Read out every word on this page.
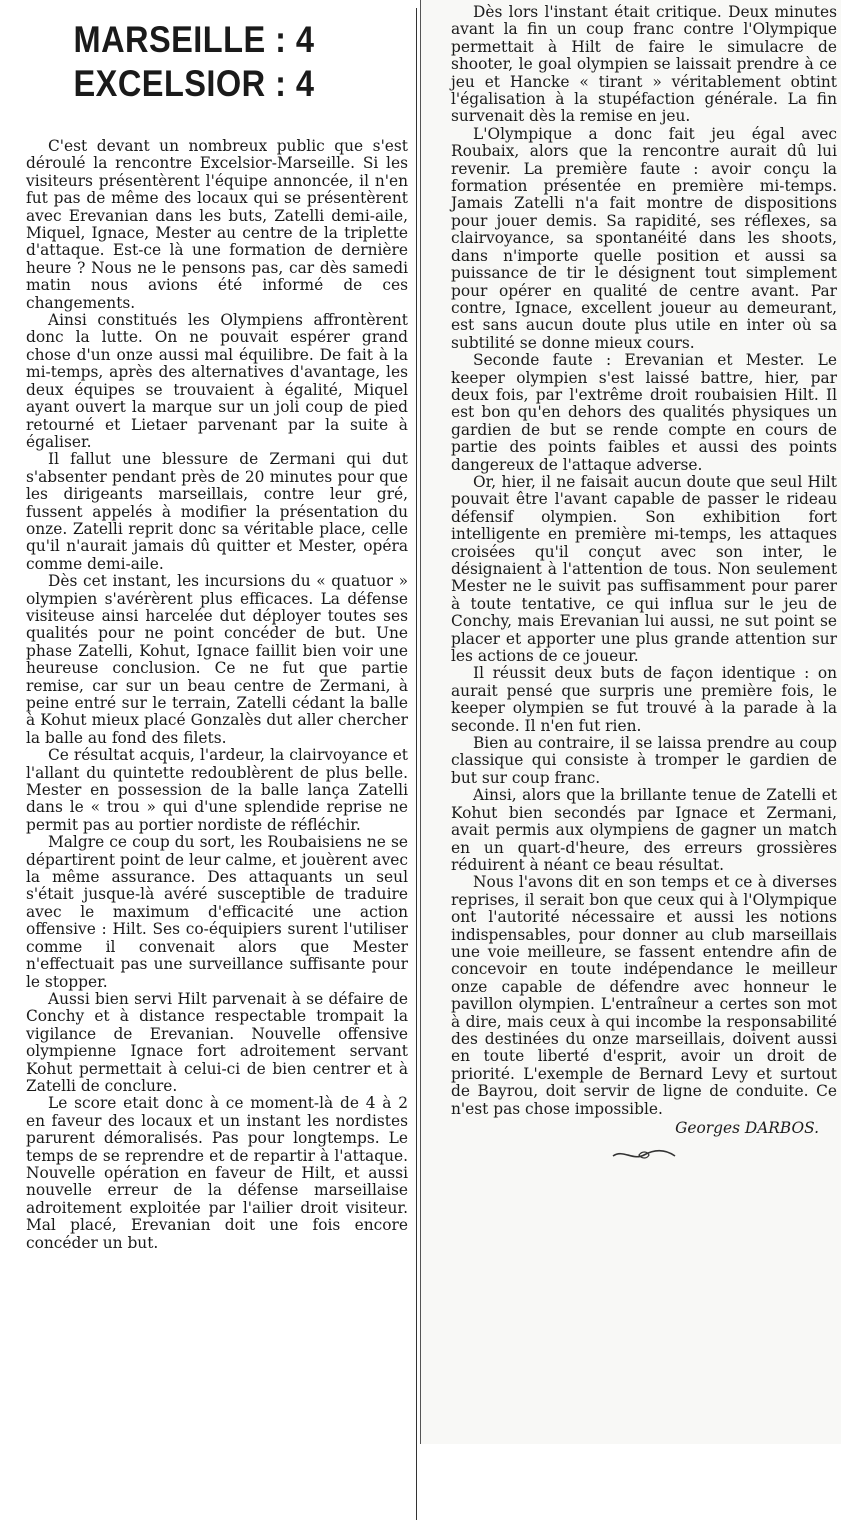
MARSEILLE : 4
EXCELSIOR : 4

C'est devant un nombreux public que s'est déroulé la rencontre Excelsior-Marseille. Si les visiteurs présentèrent l'équipe annoncée, il n'en fut pas de même des locaux qui se présentèrent avec Erevanian dans les buts, Zatelli demi-aile, Miquel, Ignace, Mester au centre de la triplette d'attaque. Est-ce là une formation de dernière heure ? Nous ne le pensons pas, car dès samedi matin nous avions été informé de ces changements.

Ainsi constitués les Olympiens affrontèrent donc la lutte. On ne pouvait espérer grand chose d'un onze aussi mal équilibre. De fait à la mi-temps, après des alternatives d'avantage, les deux équipes se trouvaient à égalité, Miquel ayant ouvert la marque sur un joli coup de pied retourné et Lietaer parvenant par la suite à égaliser.

Il fallut une blessure de Zermani qui dut s'absenter pendant près de 20 minutes pour que les dirigeants marseillais, contre leur gré, fussent appelés à modifier la présentation du onze. Zatelli reprit donc sa véritable place, celle qu'il n'aurait jamais dû quitter et Mester, opéra comme demi-aile.

Dès cet instant, les incursions du « quatuor » olympien s'avérèrent plus efficaces. La défense visiteuse ainsi harcelée dut déployer toutes ses qualités pour ne point concéder de but. Une phase Zatelli, Kohut, Ignace faillit bien voir une heureuse conclusion. Ce ne fut que partie remise, car sur un beau centre de Zermani, à peine entré sur le terrain, Zatelli cédant la balle à Kohut mieux placé Gonzalès dut aller chercher la balle au fond des filets.

Ce résultat acquis, l'ardeur, la clairvoyance et l'allant du quintette redoublèrent de plus belle. Mester en possession de la balle lança Zatelli dans le « trou » qui d'une splendide reprise ne permit pas au portier nordiste de réfléchir.

Malgre ce coup du sort, les Roubaisiens ne se départirent point de leur calme, et jouèrent avec la même assurance. Des attaquants un seul s'était jusque-là avéré susceptible de traduire avec le maximum d'efficacité une action offensive : Hilt. Ses co-équipiers surent l'utiliser comme il convenait alors que Mester n'effectuait pas une surveillance suffisante pour le stopper.

Aussi bien servi Hilt parvenait à se défaire de Conchy et à distance respectable trompait la vigilance de Erevanian. Nouvelle offensive olympienne Ignace fort adroitement servant Kohut permettait à celui-ci de bien centrer et à Zatelli de conclure.

Le score etait donc à ce moment-là de 4 à 2 en faveur des locaux et un instant les nordistes parurent démoralisés. Pas pour longtemps. Le temps de se reprendre et de repartir à l'attaque. Nouvelle opération en faveur de Hilt, et aussi nouvelle erreur de la défense marseillaise adroitement exploitée par l'ailier droit visiteur. Mal placé, Erevanian doit une fois encore concéder un but.

Dès lors l'instant était critique. Deux minutes avant la fin un coup franc contre l'Olympique permettait à Hilt de faire le simulacre de shooter, le goal olympien se laissait prendre à ce jeu et Hancke « tirant » véritablement obtint l'égalisation à la stupéfaction générale. La fin survenait dès la remise en jeu.

L'Olympique a donc fait jeu égal avec Roubaix, alors que la rencontre aurait dû lui revenir. La première faute : avoir conçu la formation présentée en première mi-temps. Jamais Zatelli n'a fait montre de dispositions pour jouer demis. Sa rapidité, ses réflexes, sa clairvoyance, sa spontanéité dans les shoots, dans n'importe quelle position et aussi sa puissance de tir le désignent tout simplement pour opérer en qualité de centre avant. Par contre, Ignace, excellent joueur au demeurant, est sans aucun doute plus utile en inter où sa subtilité se donne mieux cours.

Seconde faute : Erevanian et Mester. Le keeper olympien s'est laissé battre, hier, par deux fois, par l'extrême droit roubaisien Hilt. Il est bon qu'en dehors des qualités physiques un gardien de but se rende compte en cours de partie des points faibles et aussi des points dangereux de l'attaque adverse.

Or, hier, il ne faisait aucun doute que seul Hilt pouvait être l'avant capable de passer le rideau défensif olympien. Son exhibition fort intelligente en première mi-temps, les attaques croisées qu'il conçut avec son inter, le désignaient à l'attention de tous. Non seulement Mester ne le suivit pas suffisamment pour parer à toute tentative, ce qui influa sur le jeu de Conchy, mais Erevanian lui aussi, ne sut point se placer et apporter une plus grande attention sur les actions de ce joueur.

Il réussit deux buts de façon identique : on aurait pensé que surpris une première fois, le keeper olympien se fut trouvé à la parade à la seconde. Il n'en fut rien.

Bien au contraire, il se laissa prendre au coup classique qui consiste à tromper le gardien de but sur coup franc.

Ainsi, alors que la brillante tenue de Zatelli et Kohut bien secondés par Ignace et Zermani, avait permis aux olympiens de gagner un match en un quart-d'heure, des erreurs grossières réduirent à néant ce beau résultat.

Nous l'avons dit en son temps et ce à diverses reprises, il serait bon que ceux qui à l'Olympique ont l'autorité nécessaire et aussi les notions indispensables, pour donner au club marseillais une voie meilleure, se fassent entendre afin de concevoir en toute indépendance le meilleur onze capable de défendre avec honneur le pavillon olympien. L'entraîneur a certes son mot à dire, mais ceux à qui incombe la responsabilité des destinées du onze marseillais, doivent aussi en toute liberté d'esprit, avoir un droit de priorité. L'exemple de Bernard Levy et surtout de Bayrou, doit servir de ligne de conduite. Ce n'est pas chose impossible.

Georges DARBOS.
